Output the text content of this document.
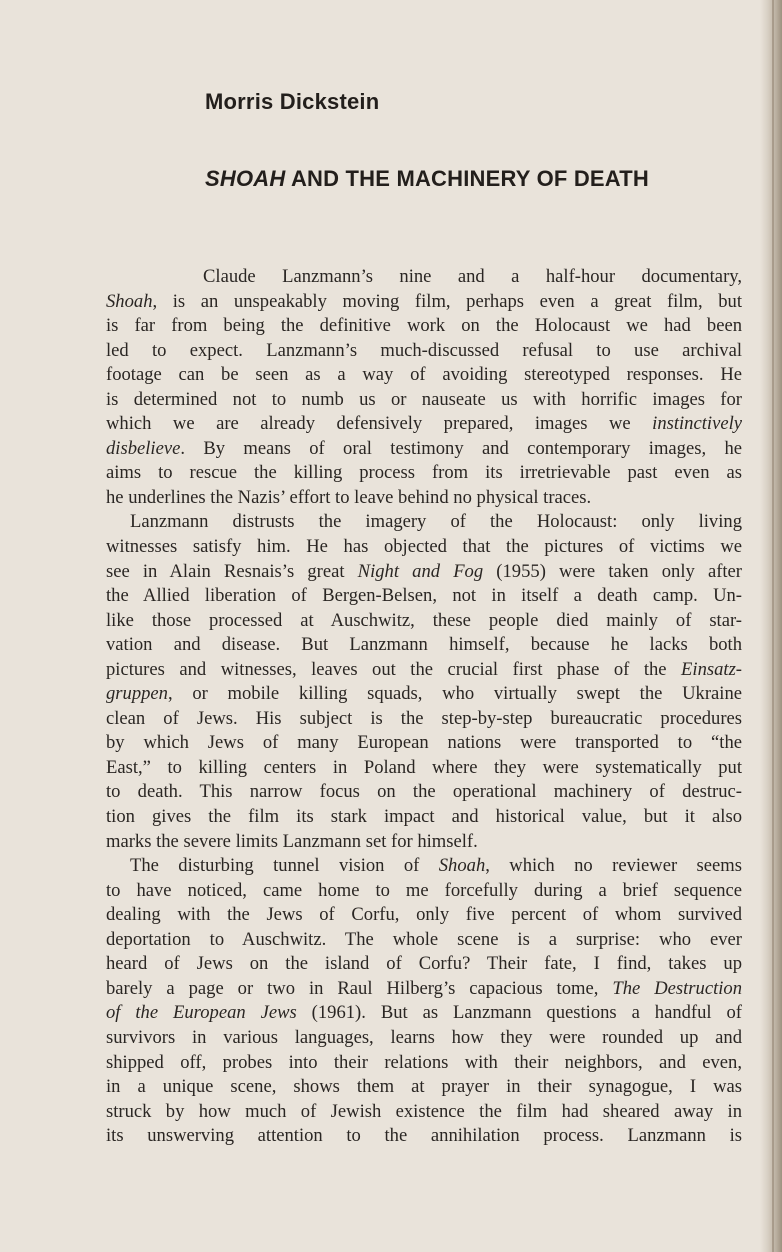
Morris Dickstein
SHOAH AND THE MACHINERY OF DEATH
Claude Lanzmann’s nine and a half-hour documentary,
Shoah, is an unspeakably moving film, perhaps even a great film, but
is far from being the definitive work on the Holocaust we had been
led to expect. Lanzmann’s much-discussed refusal to use archival
footage can be seen as a way of avoiding stereotyped responses. He
is determined not to numb us or nauseate us with horrific images for
which we are already defensively prepared, images we instinctively
disbelieve. By means of oral testimony and contemporary images, he
aims to rescue the killing process from its irretrievable past even as
he underlines the Nazis’ effort to leave behind no physical traces.
Lanzmann distrusts the imagery of the Holocaust: only living
witnesses satisfy him. He has objected that the pictures of victims we
see in Alain Resnais’s great Night and Fog (1955) were taken only after
the Allied liberation of Bergen-Belsen, not in itself a death camp. Un-
like those processed at Auschwitz, these people died mainly of star-
vation and disease. But Lanzmann himself, because he lacks both
pictures and witnesses, leaves out the crucial first phase of the Einsatz-
gruppen, or mobile killing squads, who virtually swept the Ukraine
clean of Jews. His subject is the step-by-step bureaucratic procedures
by which Jews of many European nations were transported to “the
East,” to killing centers in Poland where they were systematically put
to death. This narrow focus on the operational machinery of destruc-
tion gives the film its stark impact and historical value, but it also
marks the severe limits Lanzmann set for himself.
The disturbing tunnel vision of Shoah, which no reviewer seems
to have noticed, came home to me forcefully during a brief sequence
dealing with the Jews of Corfu, only five percent of whom survived
deportation to Auschwitz. The whole scene is a surprise: who ever
heard of Jews on the island of Corfu? Their fate, I find, takes up
barely a page or two in Raul Hilberg’s capacious tome, The Destruction
of the European Jews (1961). But as Lanzmann questions a handful of
survivors in various languages, learns how they were rounded up and
shipped off, probes into their relations with their neighbors, and even,
in a unique scene, shows them at prayer in their synagogue, I was
struck by how much of Jewish existence the film had sheared away in
its unswerving attention to the annihilation process. Lanzmann is
